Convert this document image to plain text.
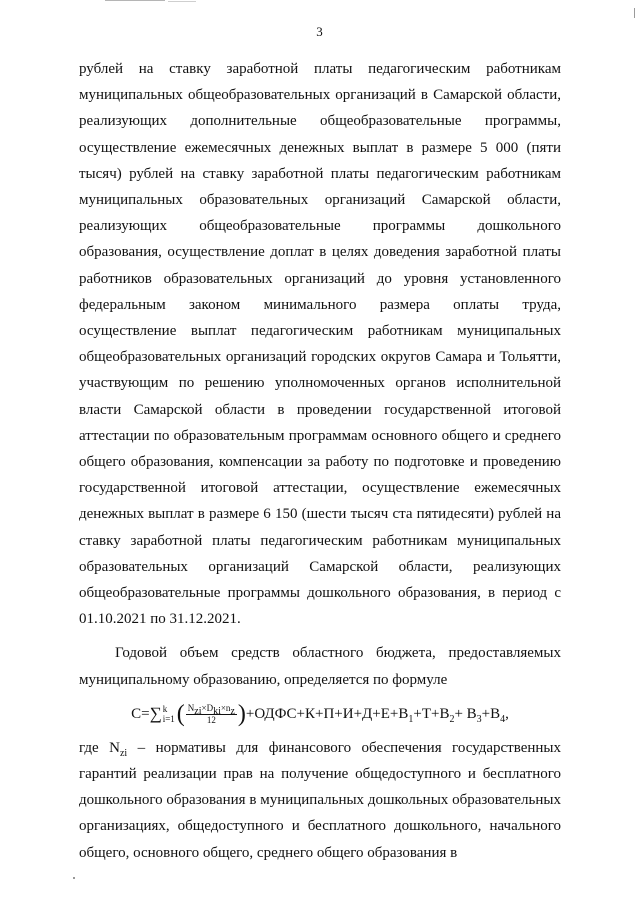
3

рублей на ставку заработной платы педагогическим работникам муниципальных общеобразовательных организаций в Самарской области, реализующих дополнительные общеобразовательные программы, осуществление ежемесячных денежных выплат в размере 5 000 (пяти тысяч) рублей на ставку заработной платы педагогическим работникам муниципальных образовательных организаций Самарской области, реализующих общеобразовательные программы дошкольного образования, осуществление доплат в целях доведения заработной платы работников образовательных организаций до уровня установленного федеральным законом минимального размера оплаты труда, осуществление выплат педагогическим работникам муниципальных общеобразовательных организаций городских округов Самара и Тольятти, участвующим по решению уполномоченных органов исполнительной власти Самарской области в проведении государственной итоговой аттестации по образовательным программам основного общего и среднего общего образования, компенсации за работу по подготовке и проведению государственной итоговой аттестации, осуществление ежемесячных денежных выплат в размере 6 150 (шести тысяч ста пятидесяти) рублей на ставку заработной платы педагогическим работникам муниципальных образовательных организаций Самарской области, реализующих общеобразовательные программы дошкольного образования, в период с 01.10.2021 по 31.12.2021.

Годовой объем средств областного бюджета, предоставляемых муниципальному образованию, определяется по формуле

С=∑ k
i=1 ( $\frac{N_{zi}\times D_{ki}\times n_z}{12}$ )$+ОДФС+К+П+И+Д+Е+В_1+Т+В_2+ В_3+В_4$,

где $N_{zi}$ – нормативы для финансового обеспечения государственных гарантий реализации прав на получение общедоступного и бесплатного дошкольного образования в муниципальных дошкольных образовательных организациях, общедоступного и бесплатного дошкольного, начального общего, основного общего, среднего общего образования в
